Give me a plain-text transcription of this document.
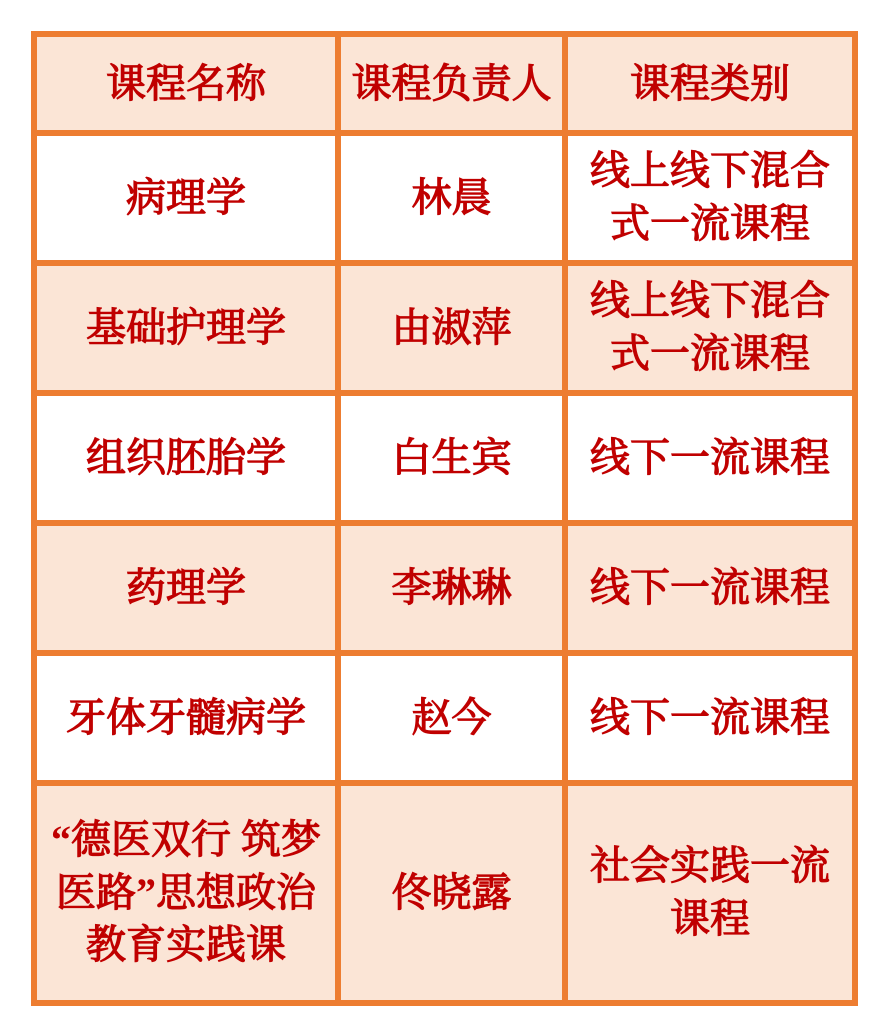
课程名称	课程负责人	课程类别
病理学	林晨	线上线下混合式一流课程
基础护理学	由淑萍	线上线下混合式一流课程
组织胚胎学	白生宾	线下一流课程
药理学	李琳琳	线下一流课程
牙体牙髓病学	赵今	线下一流课程
“德医双行 筑梦医路”思想政治教育实践课	佟晓露	社会实践一流课程
